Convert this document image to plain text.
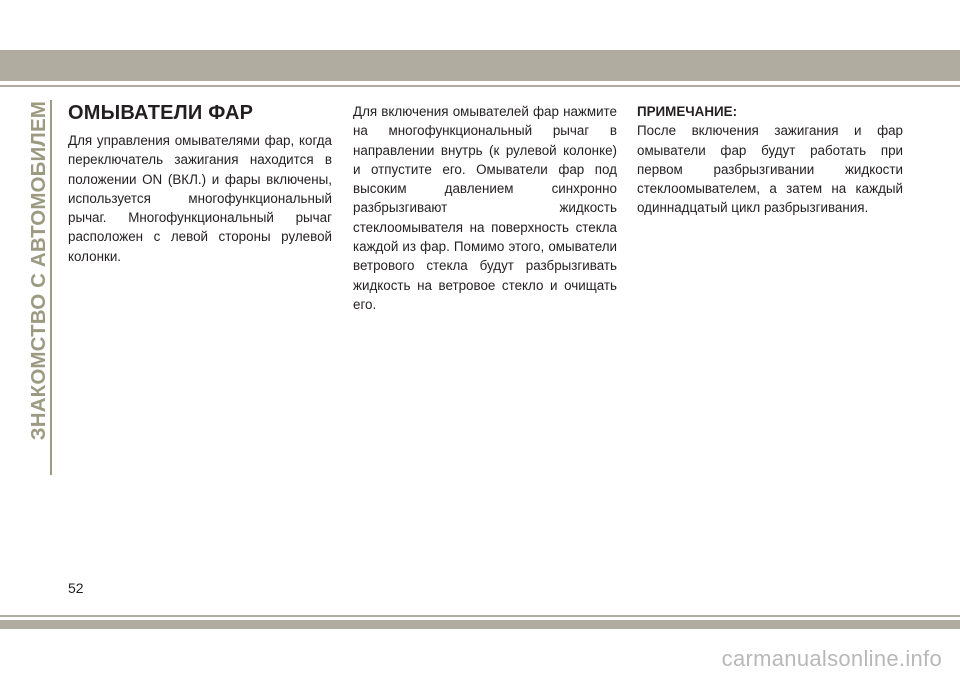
ЗНАКОМСТВО С АВТОМОБИЛЕМ ОМЫВАТЕЛИ ФАР

Для управления омывателями фар, когда переключатель зажигания находится в положении ON (ВКЛ.) и фары включены, используется многофункциональный рычаг. Многофункциональный рычаг расположен с левой стороны рулевой колонки.

Для включения омывателей фар нажмите на многофункциональный рычаг в направлении внутрь (к рулевой колонке) и отпустите его. Омыватели фар под высоким давлением синхронно разбрызгивают жидкость стеклоомывателя на поверхность стекла каждой из фар. Помимо этого, омыватели ветрового стекла будут разбрызгивать жидкость на ветровое стекло и очищать его.

ПРИМЕЧАНИЕ:

После включения зажигания и фар омыватели фар будут работать при первом разбрызгивании жидкости стеклоомывателем, а затем на каждый одиннадцатый цикл разбрызгивания.

52
carmanualsonline.info
